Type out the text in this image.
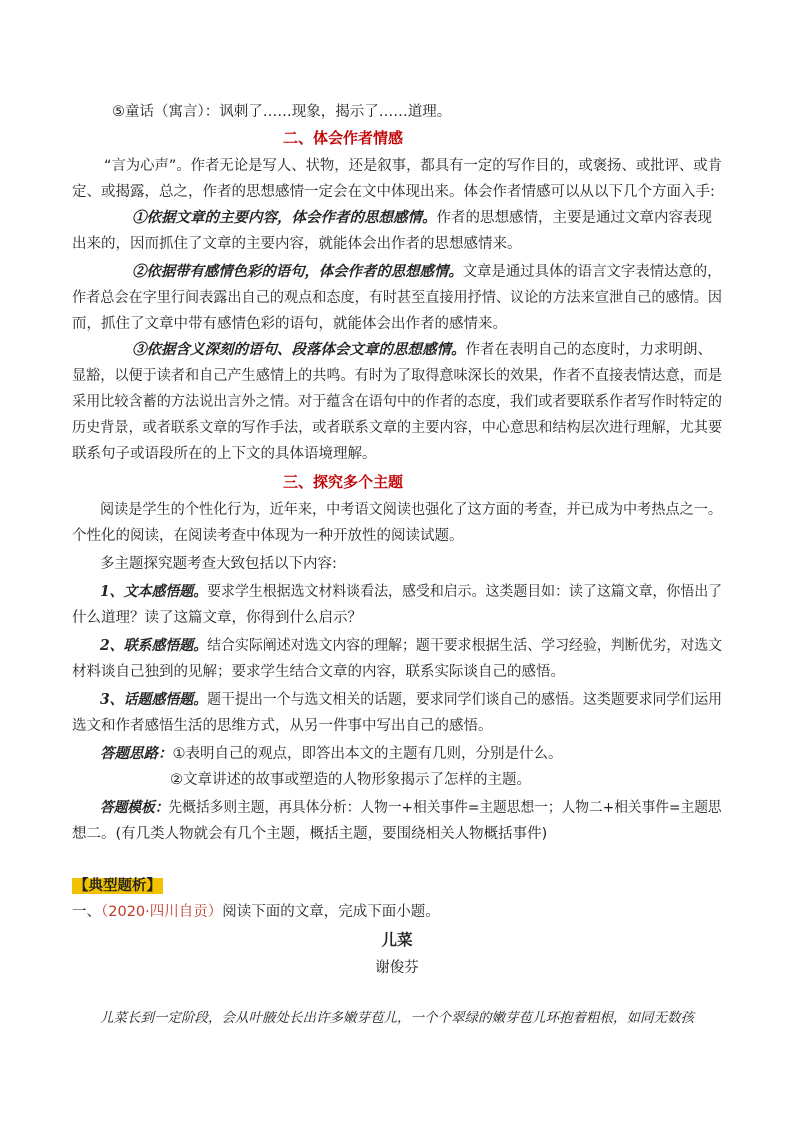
⑤童话（寓言）：讽刺了……现象，揭示了……道理。
二、体会作者情感
“言为心声”。作者无论是写人、状物，还是叙事，都具有一定的写作目的，或褒扬、或批评、或肯
定、或揭露，总之，作者的思想感情一定会在文中体现出来。体会作者情感可以从以下几个方面入手:
①依据文章的主要内容，体会作者的思想感情。作者的思想感情，主要是通过文章内容表现
出来的，因而抓住了文章的主要内容，就能体会出作者的思想感情来。
②依据带有感情色彩的语句，体会作者的思想感情。文章是通过具体的语言文字表情达意的，
作者总会在字里行间表露出自己的观点和态度，有时甚至直接用抒情、议论的方法来宣泄自己的感情。因
而，抓住了文章中带有感情色彩的语句，就能体会出作者的感情来。
③依据含义深刻的语句、段落体会文章的思想感情。作者在表明自己的态度时，力求明朗、
显豁，以便于读者和自己产生感情上的共鸣。有时为了取得意味深长的效果，作者不直接表情达意，而是
采用比较含蓄的方法说出言外之情。对于蕴含在语句中的作者的态度，我们或者要联系作者写作时特定的
历史背景，或者联系文章的写作手法，或者联系文章的主要内容，中心意思和结构层次进行理解，尤其要
联系句子或语段所在的上下文的具体语境理解。
三、探究多个主题
阅读是学生的个性化行为，近年来，中考语文阅读也强化了这方面的考查，并已成为中考热点之一。
个性化的阅读，在阅读考查中体现为一种开放性的阅读试题。
多主题探究题考查大致包括以下内容:
1、文本感悟题。要求学生根据选文材料谈看法，感受和启示。这类题目如：读了这篇文章，你悟出了
什么道理？读了这篇文章，你得到什么启示？
2、联系感悟题。结合实际阐述对选文内容的理解；题干要求根据生活、学习经验，判断优劣，对选文
材料谈自己独到的见解；要求学生结合文章的内容，联系实际谈自己的感悟。
3、话题感悟题。题干提出一个与选文相关的话题，要求同学们谈自己的感悟。这类题要求同学们运用
选文和作者感悟生活的思维方式，从另一件事中写出自己的感悟。
答题思路：①表明自己的观点，即答出本文的主题有几则，分别是什么。
②文章讲述的故事或塑造的人物形象揭示了怎样的主题。
答题模板：先概括多则主题，再具体分析：人物一+相关事件=主题思想一；人物二+相关事件=主题思
想二。(有几类人物就会有几个主题，概括主题，要围绕相关人物概括事件)
【典型题析】
一、（2020·四川自贡）阅读下面的文章，完成下面小题。
儿菜
谢俊芬
儿菜长到一定阶段，会从叶腋处长出许多嫩芽苞儿，一个个翠绿的嫩芽苞儿环抱着粗根，如同无数孩
